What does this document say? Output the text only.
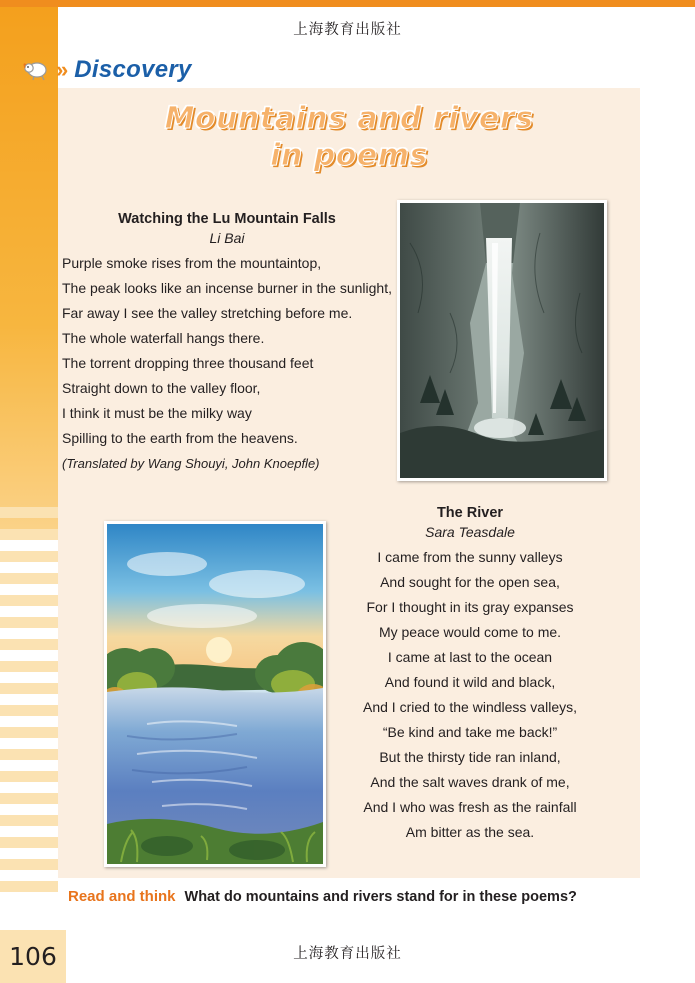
上海教育出版社
» Discovery
Mountains and rivers
in poems
Watching the Lu Mountain Falls
Li Bai
Purple smoke rises from the mountaintop,
The peak looks like an incense burner in the sunlight,
Far away I see the valley stretching before me.
The whole waterfall hangs there.
The torrent dropping three thousand feet
Straight down to the valley floor,
I think it must be the milky way
Spilling to the earth from the heavens.
(Translated by Wang Shouyi, John Knoepfle)
The River
Sara Teasdale
I came from the sunny valleys
And sought for the open sea,
For I thought in its gray expanses
My peace would come to me.
I came at last to the ocean
And found it wild and black,
And I cried to the windless valleys,
“Be kind and take me back!”
But the thirsty tide ran inland,
And the salt waves drank of me,
And I who was fresh as the rainfall
Am bitter as the sea.
Read and think What do mountains and rivers stand for in these poems?
106	上海教育出版社
